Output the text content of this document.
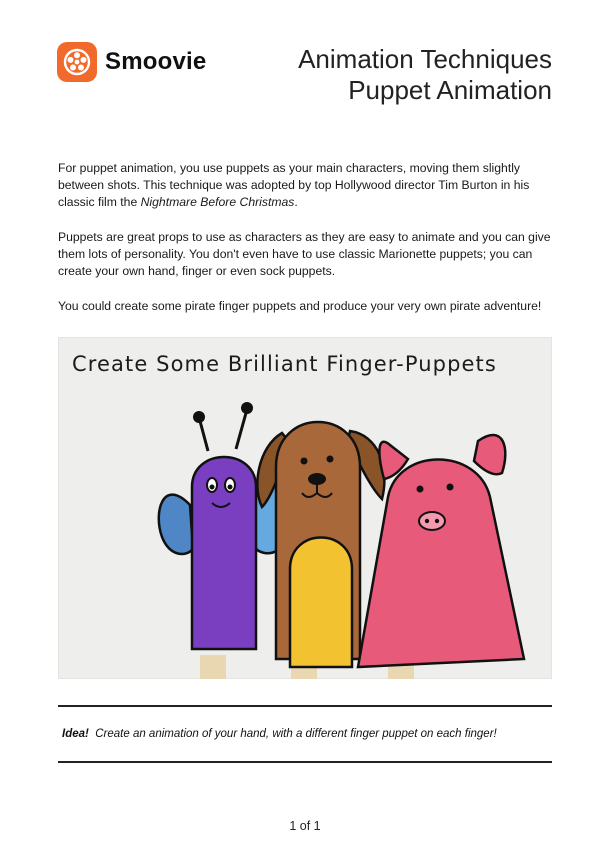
Smoovie	Animation Techniques
Puppet Animation

For puppet animation, you use puppets as your main characters, moving them slightly between shots. This technique was adopted by top Hollywood director Tim Burton in his classic film the Nightmare Before Christmas.

Puppets are great props to use as characters as they are easy to animate and you can give them lots of personality. You don't even have to use classic Marionette puppets; you can create your own hand, finger or even sock puppets.

You could create some pirate finger puppets and produce your very own pirate adventure!

Create Some Brilliant Finger-Puppets
Idea! Create an animation of your hand, with a different finger puppet on each finger!
1 of 1
